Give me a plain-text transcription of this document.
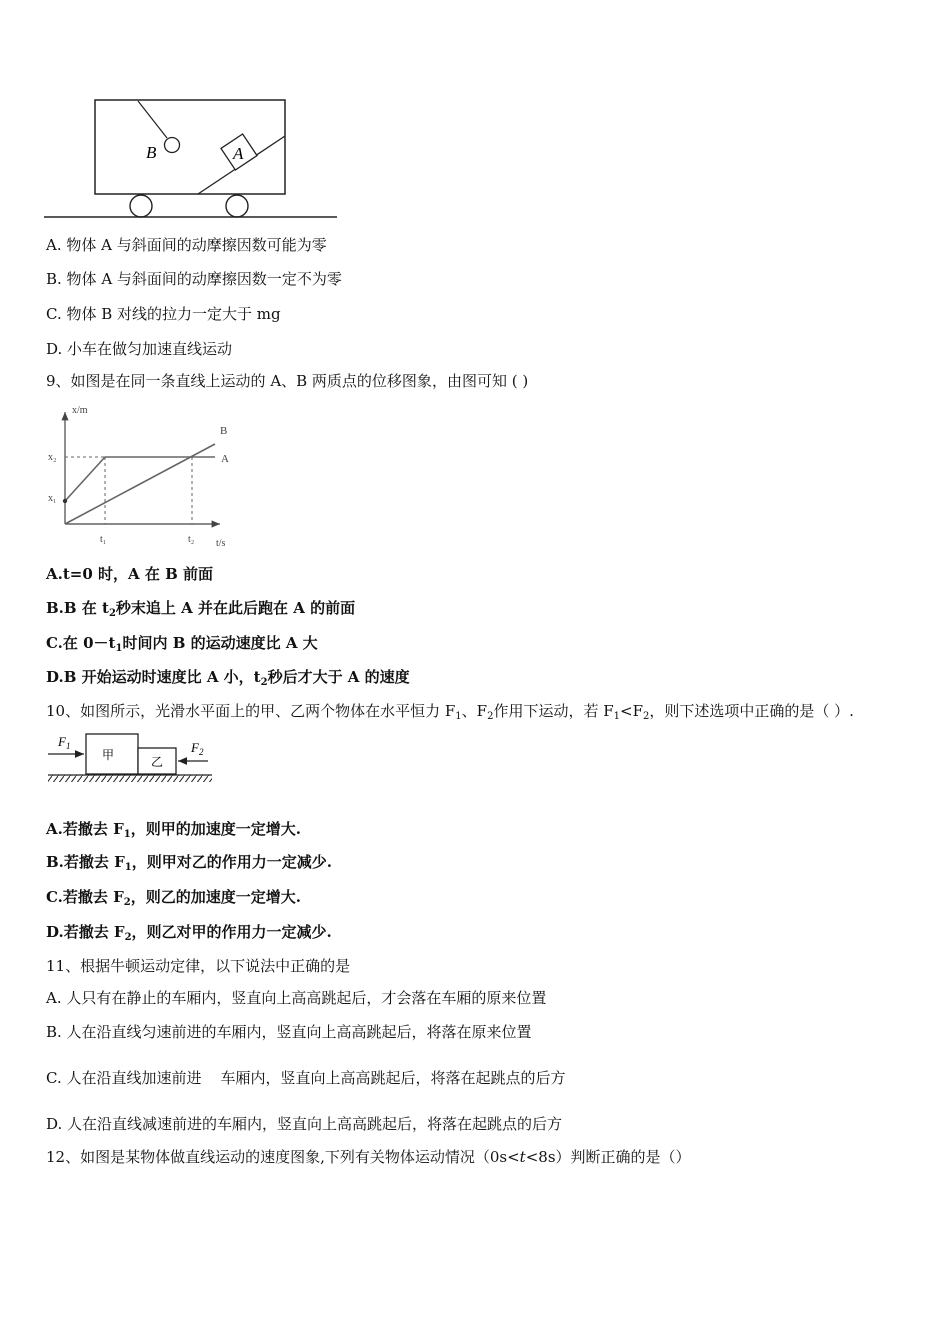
B	A
A. 物体 A 与斜面间的动摩擦因数可能为零
B. 物体 A 与斜面间的动摩擦因数一定不为零
C. 物体 B 对线的拉力一定大于 mg
D. 小车在做匀加速直线运动
9、如图是在同一条直线上运动的 A、B 两质点的位移图象，由图可知 ( )
x/m
t/s
x₂
x₁
t₁	t₂
A
B
A.t=0 时，A 在 B 前面
B.B 在 $t_2$秒末追上 A 并在此后跑在 A 的前面
C.在 $0-t_1$时间内 B 的运动速度比 A 大
D.B 开始运动时速度比 A 小，$t_2$秒后才大于 A 的速度
10、如图所示，光滑水平面上的甲、乙两个物体在水平恒力 $F_1$、$F_2$作用下运动，若 $F_1<F_2$，则下述选项中正确的是（ ）.
甲	乙
$F_1$	$F_2$
A.若撤去 $F_1$，则甲的加速度一定增大.
B.若撤去 $F_1$，则甲对乙的作用力一定减少.
C.若撤去 $F_2$，则乙的加速度一定增大.
D.若撤去 $F_2$，则乙对甲的作用力一定减少.
11、根据牛顿运动定律，以下说法中正确的是
A. 人只有在静止的车厢内，竖直向上高高跳起后，才会落在车厢的原来位置
B. 人在沿直线匀速前进的车厢内，竖直向上高高跳起后，将落在原来位置
C. 人在沿直线加速前进    车厢内，竖直向上高高跳起后，将落在起跳点的后方
D. 人在沿直线减速前进的车厢内，竖直向上高高跳起后，将落在起跳点的后方
12、如图是某物体做直线运动的速度图象,下列有关物体运动情况（0s<t<8s）判断正确的是（）
